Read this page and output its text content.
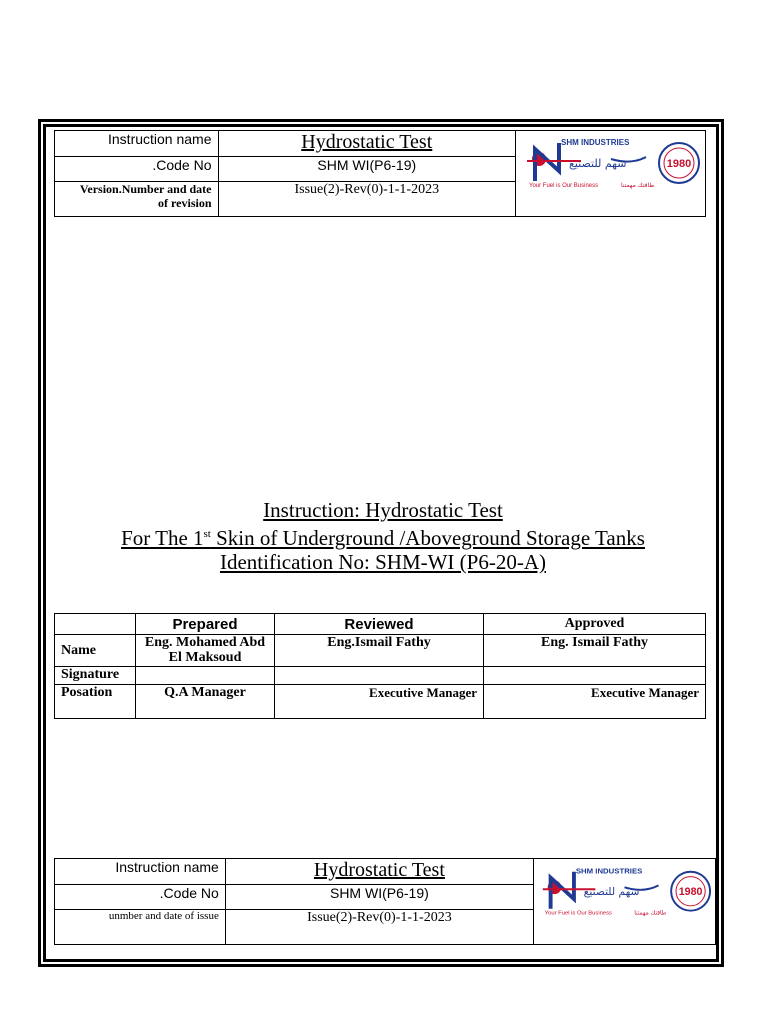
Instruction name	Hydrostatic Test	SHM INDUSTRIES
سهم للتصنيع 1980
Your Fuel is Our Business طاقتك مهمتنا

.Code No	SHM WI(P6-19)	

Version.Number and date
of revision	Issue(2)-Rev(0)-1-1-2023	
Instruction: Hydrostatic Test
For The 1st Skin of Underground /Aboveground Storage Tanks
Identification No: SHM-WI (P6-20-A)
	Prepared	Reviewed	Approved
Name	Eng. Mohamed Abd El Maksoud	Eng.Ismail Fathy	Eng. Ismail Fathy
Signature			
Posation	Q.A Manager	Executive Manager	Executive Manager
Instruction name	Hydrostatic Test	SHM INDUSTRIES
سهم للتصنيع 1980
Your Fuel is Our Business طاقتك مهمتنا

.Code No	SHM WI(P6-19)	
unmber and date of issue	Issue(2)-Rev(0)-1-1-2023	
